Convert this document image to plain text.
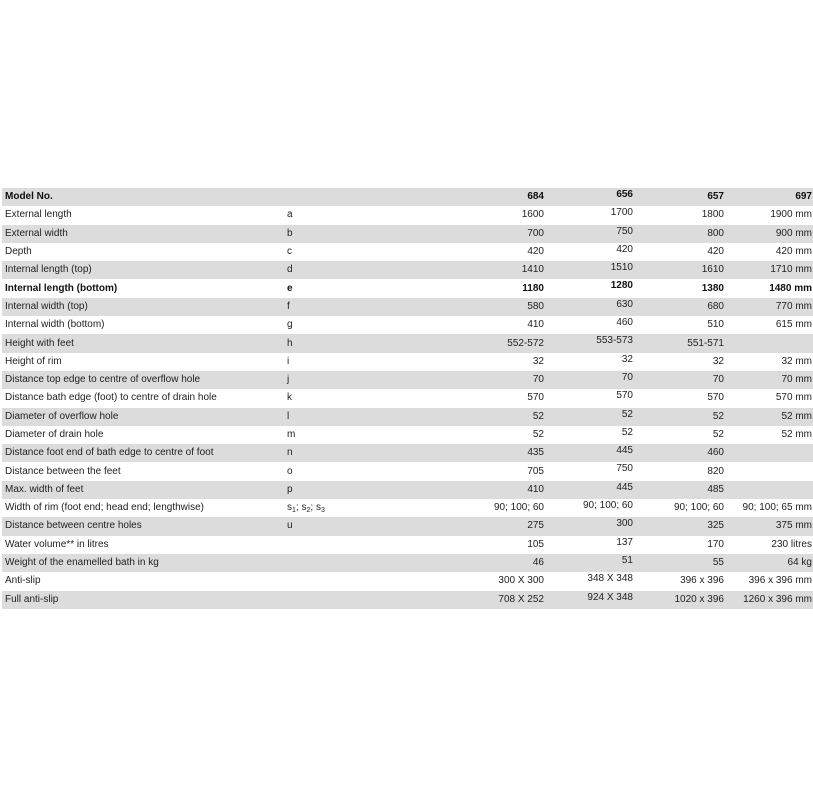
Model No.		684	656	657	697
External length	a	1600	1700	1800	1900 mm
External width	b	700	750	800	900 mm
Depth	c	420	420	420	420 mm
Internal length (top)	d	1410	1510	1610	1710 mm
Internal length (bottom)	e	1180	1280	1380	1480 mm
Internal width (top)	f	580	630	680	770 mm
Internal width (bottom)	g	410	460	510	615 mm
Height with feet	h	552-572	553-573	551-571	
Height of rim	i	32	32	32	32 mm
Distance top edge to centre of overflow hole	j	70	70	70	70 mm
Distance bath edge (foot) to centre of drain hole	k	570	570	570	570 mm
Diameter of overflow hole	l	52	52	52	52 mm
Diameter of drain hole	m	52	52	52	52 mm
Distance foot end of bath edge to centre of foot	n	435	445	460	
Distance between the feet	o	705	750	820	
Max. width of feet	p	410	445	485	
Width of rim (foot end; head end; lengthwise)	$s_1$; $s_2$; $s_3$	90; 100; 60	90; 100; 60	90; 100; 60	90; 100; 65 mm
Distance between centre holes	u	275	300	325	375 mm
Water volume** in litres		105	137	170	230 litres
Weight of the enamelled bath in kg		46	51	55	64 kg
Anti-slip		300 X 300	348 X 348	396 x 396	396 x 396 mm
Full anti-slip		708 X 252	924 X 348	1020 x 396	1260 x 396 mm
